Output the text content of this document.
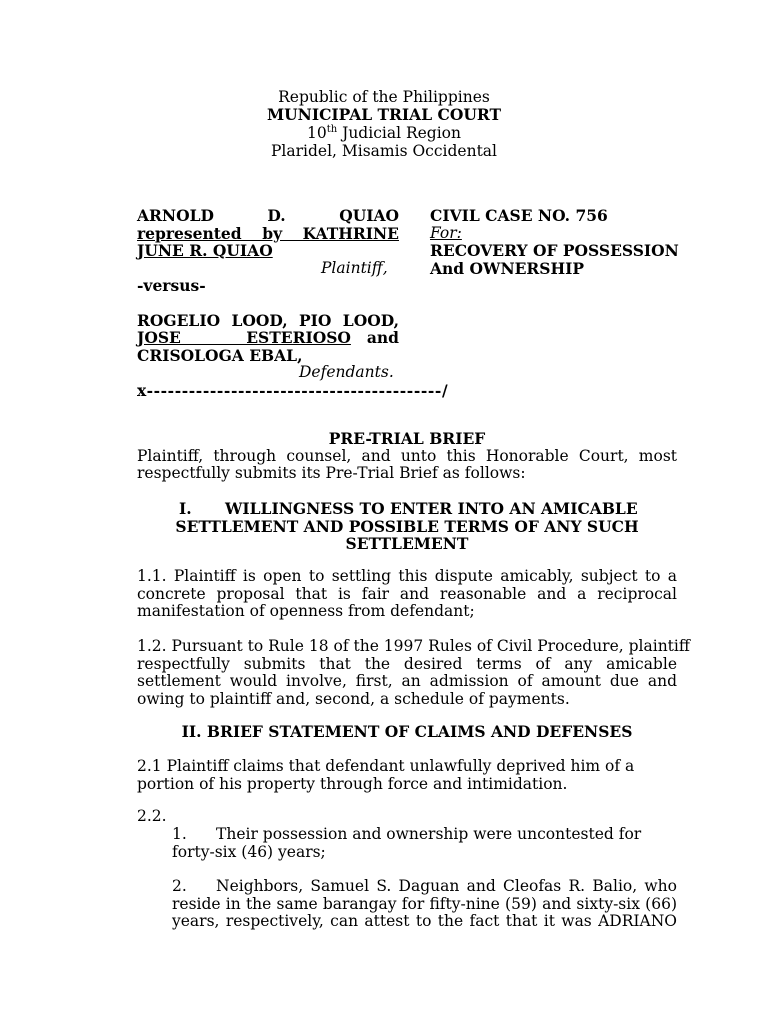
Republic of the Philippines
MUNICIPAL TRIAL COURT
10th Judicial Region
Plaridel, Misamis Occidental
ARNOLD D. QUIAO
represented by KATHRINE
JUNE R. QUIAO
Plaintiff,
-versus-
ROGELIO LOOD, PIO LOOD,
JOSE ESTERIOSO and
CRISOLOGA EBAL,
Defendants.
x------------------------------------------/
CIVIL CASE NO. 756
For:
RECOVERY OF POSSESSION
And OWNERSHIP
PRE-TRIAL BRIEF
Plaintiff, through counsel, and unto this Honorable Court, most
respectfully submits its Pre-Trial Brief as follows:
I.	WILLINGNESS TO ENTER INTO AN AMICABLE
SETTLEMENT AND POSSIBLE TERMS OF ANY SUCH
SETTLEMENT
1.1. Plaintiff is open to settling this dispute amicably, subject to a
concrete proposal that is fair and reasonable and a reciprocal
manifestation of openness from defendant;
1.2. Pursuant to Rule 18 of the 1997 Rules of Civil Procedure, plaintiff
respectfully submits that the desired terms of any amicable
settlement would involve, first, an admission of amount due and
owing to plaintiff and, second, a schedule of payments.
II. BRIEF STATEMENT OF CLAIMS AND DEFENSES
2.1 Plaintiff claims that defendant unlawfully deprived him of a
portion of his property through force and intimidation.
2.2.
1.	Their possession and ownership were uncontested for
forty-six (46) years;
2.	Neighbors, Samuel S. Daguan and Cleofas R. Balio, who
reside in the same barangay for fifty-nine (59) and sixty-six (66)
years, respectively, can attest to the fact that it was ADRIANO
